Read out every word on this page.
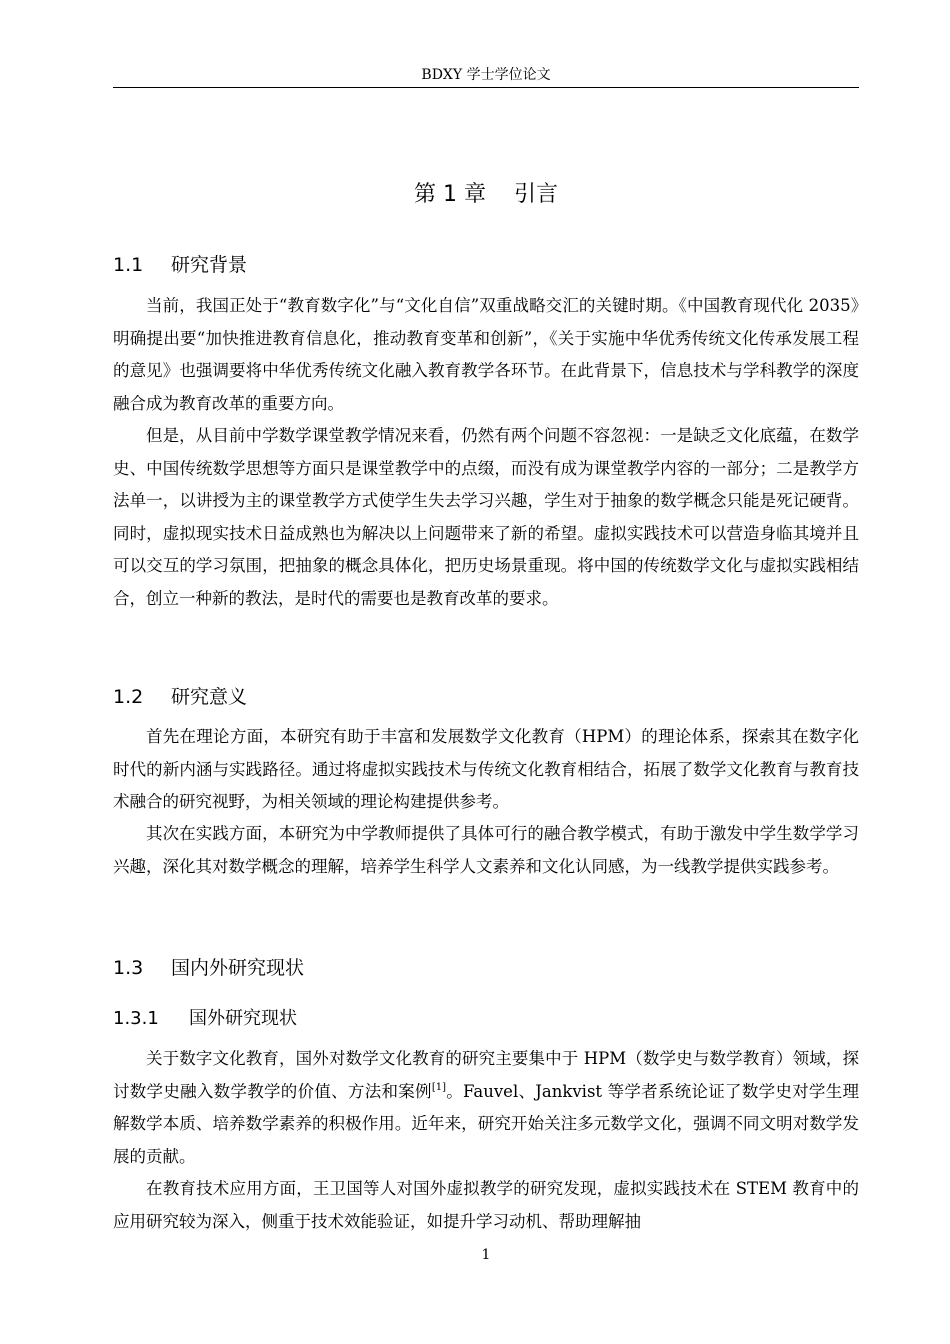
BDXY 学士学位论文
第 1 章 引言
1.1 研究背景

当前，我国正处于“教育数字化”与“文化自信”双重战略交汇的关键时期。《中国教育现代化 2035》明确提出要“加快推进教育信息化，推动教育变革和创新”，《关于实施中华优秀传统文化传承发展工程的意见》也强调要将中华优秀传统文化融入教育教学各环节。在此背景下，信息技术与学科教学的深度融合成为教育改革的重要方向。

但是，从目前中学数学课堂教学情况来看，仍然有两个问题不容忽视：一是缺乏文化底蕴，在数学史、中国传统数学思想等方面只是课堂教学中的点缀，而没有成为课堂教学内容的一部分；二是教学方法单一，以讲授为主的课堂教学方式使学生失去学习兴趣，学生对于抽象的数学概念只能是死记硬背。同时，虚拟现实技术日益成熟也为解决以上问题带来了新的希望。虚拟实践技术可以营造身临其境并且可以交互的学习氛围，把抽象的概念具体化，把历史场景重现。将中国的传统数学文化与虚拟实践相结合，创立一种新的教法，是时代的需要也是教育改革的要求。

1.2 研究意义

首先在理论方面，本研究有助于丰富和发展数学文化教育（HPM）的理论体系，探索其在数字化时代的新内涵与实践路径。通过将虚拟实践技术与传统文化教育相结合，拓展了数学文化教育与教育技术融合的研究视野，为相关领域的理论构建提供参考。

其次在实践方面，本研究为中学教师提供了具体可行的融合教学模式，有助于激发中学生数学学习兴趣，深化其对数学概念的理解，培养学生科学人文素养和文化认同感，为一线教学提供实践参考。

1.3 国内外研究现状
1.3.1 国外研究现状

关于数字文化教育，国外对数学文化教育的研究主要集中于 HPM（数学史与数学教育）领域，探讨数学史融入数学教学的价值、方法和案例[1]。Fauvel、Jankvist 等学者系统论证了数学史对学生理解数学本质、培养数学素养的积极作用。近年来，研究开始关注多元数学文化，强调不同文明对数学发展的贡献。

在教育技术应用方面，王卫国等人对国外虚拟教学的研究发现，虚拟实践技术在 STEM 教育中的应用研究较为深入，侧重于技术效能验证，如提升学习动机、帮助理解抽

1
